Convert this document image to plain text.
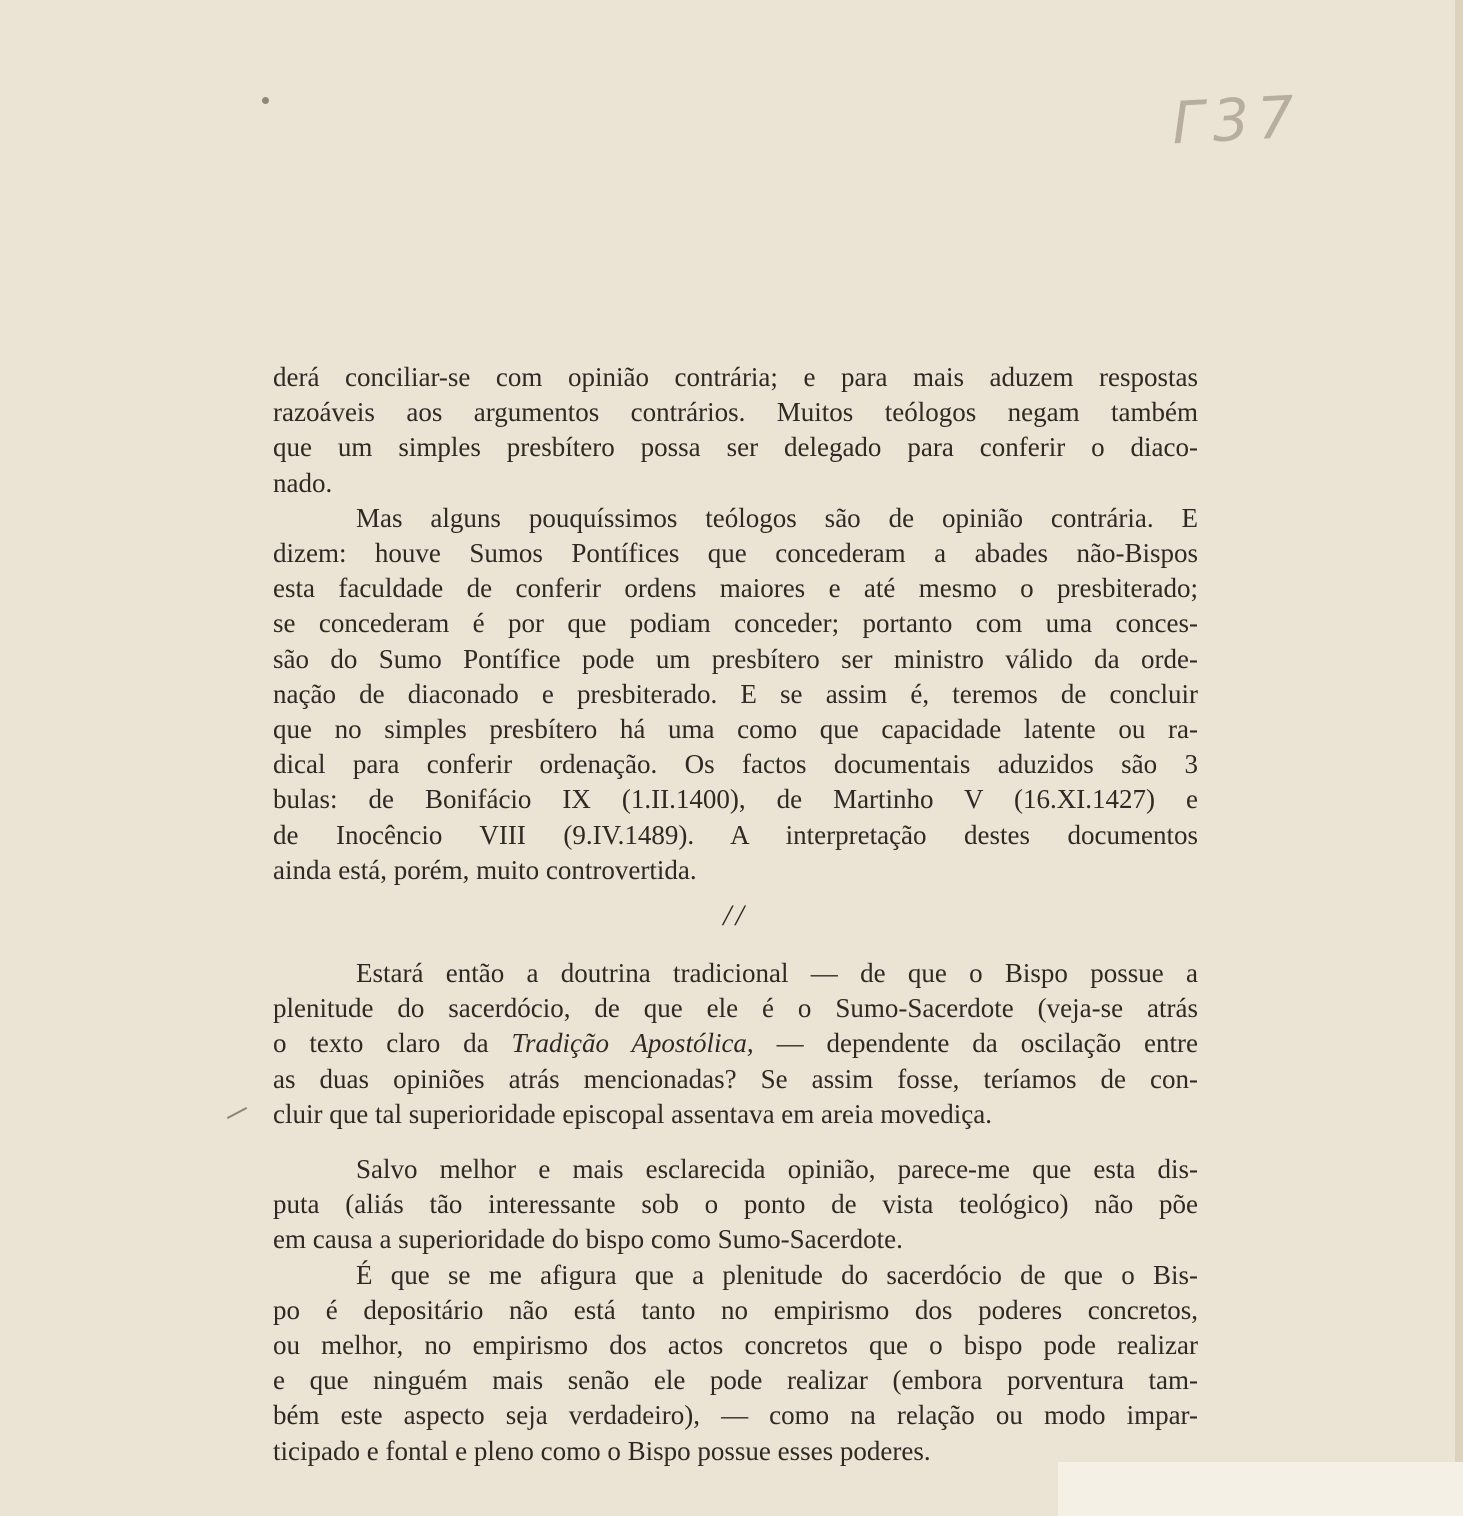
Γ37
derá conciliar-se com opinião contrária; e para mais aduzem respostas
razoáveis aos argumentos contrários. Muitos teólogos negam também
que um simples presbítero possa ser delegado para conferir o diaco-
nado.
Mas alguns pouquíssimos teólogos são de opinião contrária. E
dizem: houve Sumos Pontífices que concederam a abades não-Bispos
esta faculdade de conferir ordens maiores e até mesmo o presbiterado;
se concederam é por que podiam conceder; portanto com uma conces-
são do Sumo Pontífice pode um presbítero ser ministro válido da orde-
nação de diaconado e presbiterado. E se assim é, teremos de concluir
que no simples presbítero há uma como que capacidade latente ou ra-
dical para conferir ordenação. Os factos documentais aduzidos são 3
bulas: de Bonifácio IX (1.II.1400), de Martinho V (16.XI.1427) e
de Inocêncio VIII (9.IV.1489). A interpretação destes documentos
ainda está, porém, muito controvertida.
//
Estará então a doutrina tradicional — de que o Bispo possue a
plenitude do sacerdócio, de que ele é o Sumo-Sacerdote (veja-se atrás
o texto claro da Tradição Apostólica, — dependente da oscilação entre
as duas opiniões atrás mencionadas? Se assim fosse, teríamos de con-
cluir que tal superioridade episcopal assentava em areia movediça.
Salvo melhor e mais esclarecida opinião, parece-me que esta dis-
puta (aliás tão interessante sob o ponto de vista teológico) não põe
em causa a superioridade do bispo como Sumo-Sacerdote.
É que se me afigura que a plenitude do sacerdócio de que o Bis-
po é depositário não está tanto no empirismo dos poderes concretos,
ou melhor, no empirismo dos actos concretos que o bispo pode realizar
e que ninguém mais senão ele pode realizar (embora porventura tam-
bém este aspecto seja verdadeiro), — como na relação ou modo impar-
ticipado e fontal e pleno como o Bispo possue esses poderes.
